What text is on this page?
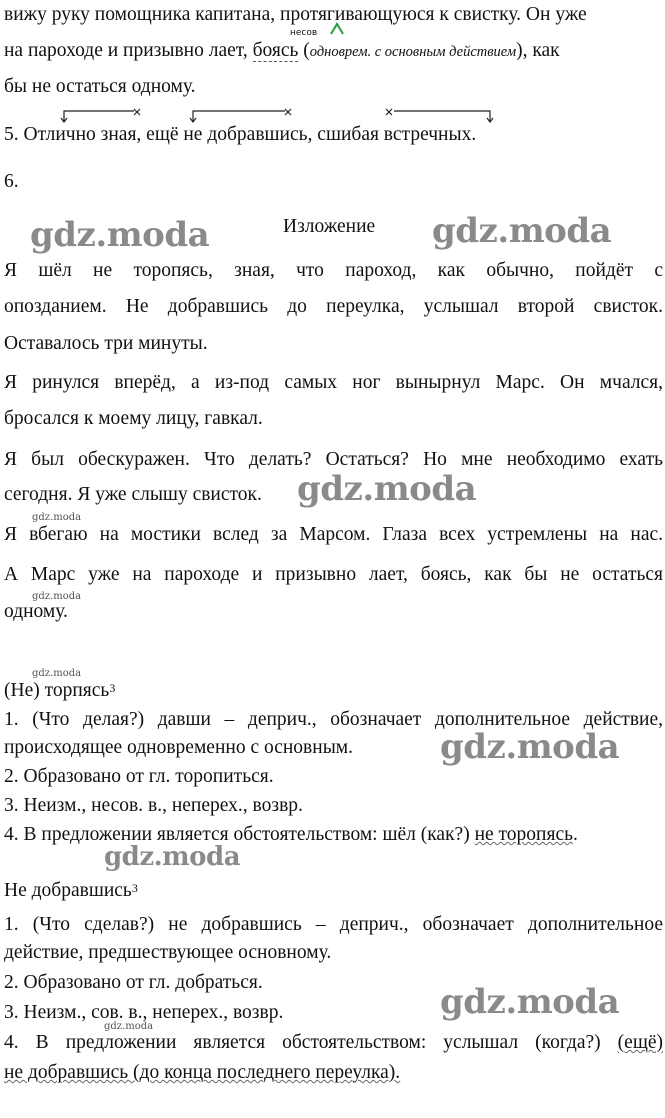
вижу руку помощника капитана, протягивающуюся к свистку. Он уже
несов
на пароходе и призывно лает, боясь (одноврем. с основным действием), как
бы не остаться одному.
5. Отлично зная, ещё не добравшись, сшибая встречных.
6.
gdz.moda	Изложение gdz.moda
Я шёл не торопясь, зная, что пароход, как обычно, пойдёт с
опозданием. Не добравшись до переулка, услышал второй свисток.
Оставалось три минуты.
Я ринулся вперёд, а из-под самых ног вынырнул Марс. Он мчался,
бросался к моему лицу, гавкал.
Я был обескуражен. Что делать? Остаться? Но мне необходимо ехать
сегодня. Я уже слышу свисток.	gdz.moda
gdz.moda
Я вбегаю на мостики вслед за Марсом. Глаза всех устремлены на нас.
А Марс уже на пароходе и призывно лает, боясь, как бы не остаться
gdz.moda
одному.
gdz.moda
(Не) торпясь 3
1. (Что делая?) давши – деприч., обозначает дополнительное действие,
происходящее одновременно с основным.	gdz.moda
2. Образовано от гл. торопиться.
3. Неизм., несов. в., неперех., возвр.
4. В предложении является обстоятельством: шёл (как?) не торопясь.
gdz.moda
Не добравшись 3
1. (Что сделав?) не добравшись – деприч., обозначает дополнительное
действие, предшествующее основному.
2. Образовано от гл. добраться.	gdz.moda
3. Неизм., сов. в., неперех., возвр.
gdz.moda
4. В предложении является обстоятельством: услышал (когда?) (ещё)
не добравшись (до конца последнего переулка).
